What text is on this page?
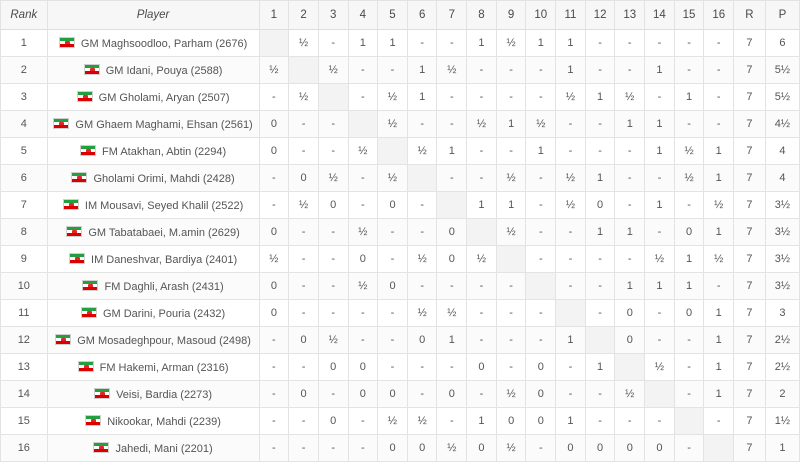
Rank	Player	1	2	3	4	5	6	7	8	9	10	11	12	13	14	15	16	R	P
1	GM Maghsoodloo, Parham (2676)		½	-	1	1	-	-	1	½	1	1	-	-	-	-	-	7	6
2	GM Idani, Pouya (2588)	½		½	-	-	1	½	-	-	-	1	-	-	1	-	-	7	5½
3	GM Gholami, Aryan (2507)	-	½		-	½	1	-	-	-	-	½	1	½	-	1	-	7	5½
4	GM Ghaem Maghami, Ehsan (2561)	0	-	-		½	-	-	½	1	½	-	-	1	1	-	-	7	4½
5	FM Atakhan, Abtin (2294)	0	-	-	½		½	1	-	-	1	-	-	-	1	½	1	7	4
6	Gholami Orimi, Mahdi (2428)	-	0	½	-	½		-	-	½	-	½	1	-	-	½	1	7	4
7	IM Mousavi, Seyed Khalil (2522)	-	½	0	-	0	-		1	1	-	½	0	-	1	-	½	7	3½
8	GM Tabatabaei, M.amin (2629)	0	-	-	½	-	-	0		½	-	-	1	1	-	0	1	7	3½
9	IM Daneshvar, Bardiya (2401)	½	-	-	0	-	½	0	½		-	-	-	-	½	1	½	7	3½
10	FM Daghli, Arash (2431)	0	-	-	½	0	-	-	-	-		-	-	1	1	1	-	7	3½
11	GM Darini, Pouria (2432)	0	-	-	-	-	½	½	-	-	-		-	0	-	0	1	7	3
12	GM Mosadeghpour, Masoud (2498)	-	0	½	-	-	0	1	-	-	-	1		0	-	-	1	7	2½
13	FM Hakemi, Arman (2316)	-	-	0	0	-	-	-	0	-	0	-	1		½	-	1	7	2½
14	Veisi, Bardia (2273)	-	0	-	0	0	-	0	-	½	0	-	-	½		-	1	7	2
15	Nikookar, Mahdi (2239)	-	-	0	-	½	½	-	1	0	0	1	-	-	-		-	7	1½
16	Jahedi, Mani (2201)	-	-	-	-	0	0	½	0	½	-	0	0	0	0	-		7	1
